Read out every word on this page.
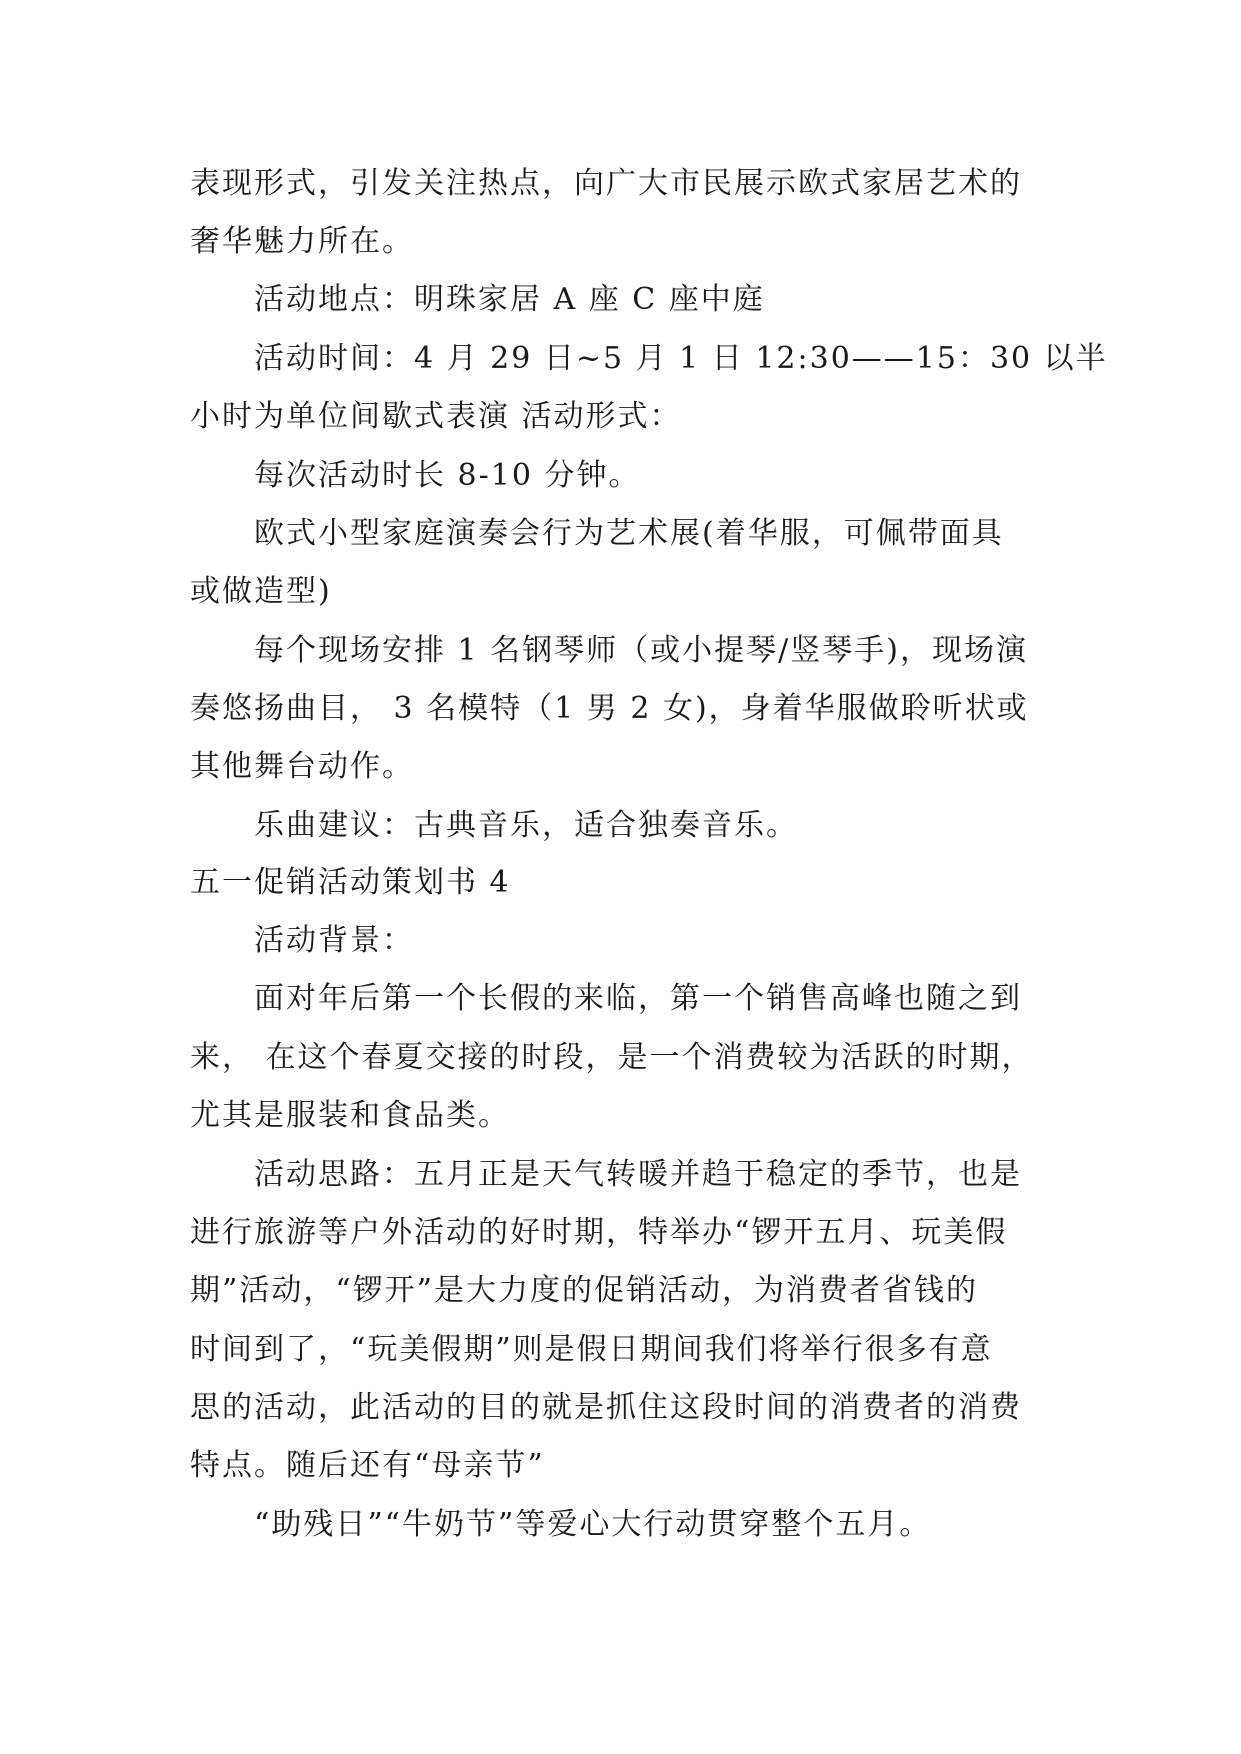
表现形式，引发关注热点，向广大市民展示欧式家居艺术的
奢华魅力所在。
活动地点：明珠家居 A 座 C 座中庭
活动时间：4 月 29 日~5 月 1 日 12:30——15：30 以半
小时为单位间歇式表演 活动形式：
每次活动时长 8-10 分钟。
欧式小型家庭演奏会行为艺术展(着华服，可佩带面具
或做造型)
每个现场安排 1 名钢琴师（或小提琴/竖琴手)，现场演
奏悠扬曲目， 3 名模特（1 男 2 女)，身着华服做聆听状或
其他舞台动作。
乐曲建议：古典音乐，适合独奏音乐。
五一促销活动策划书 4
活动背景：
面对年后第一个长假的来临，第一个销售高峰也随之到
来， 在这个春夏交接的时段，是一个消费较为活跃的时期，
尤其是服装和食品类。
活动思路：五月正是天气转暖并趋于稳定的季节，也是
进行旅游等户外活动的好时期，特举办“锣开五月、玩美假
期”活动，“锣开”是大力度的促销活动，为消费者省钱的
时间到了，“玩美假期”则是假日期间我们将举行很多有意
思的活动，此活动的目的就是抓住这段时间的消费者的消费
特点。随后还有“母亲节”
“助残日”“牛奶节”等爱心大行动贯穿整个五月。
